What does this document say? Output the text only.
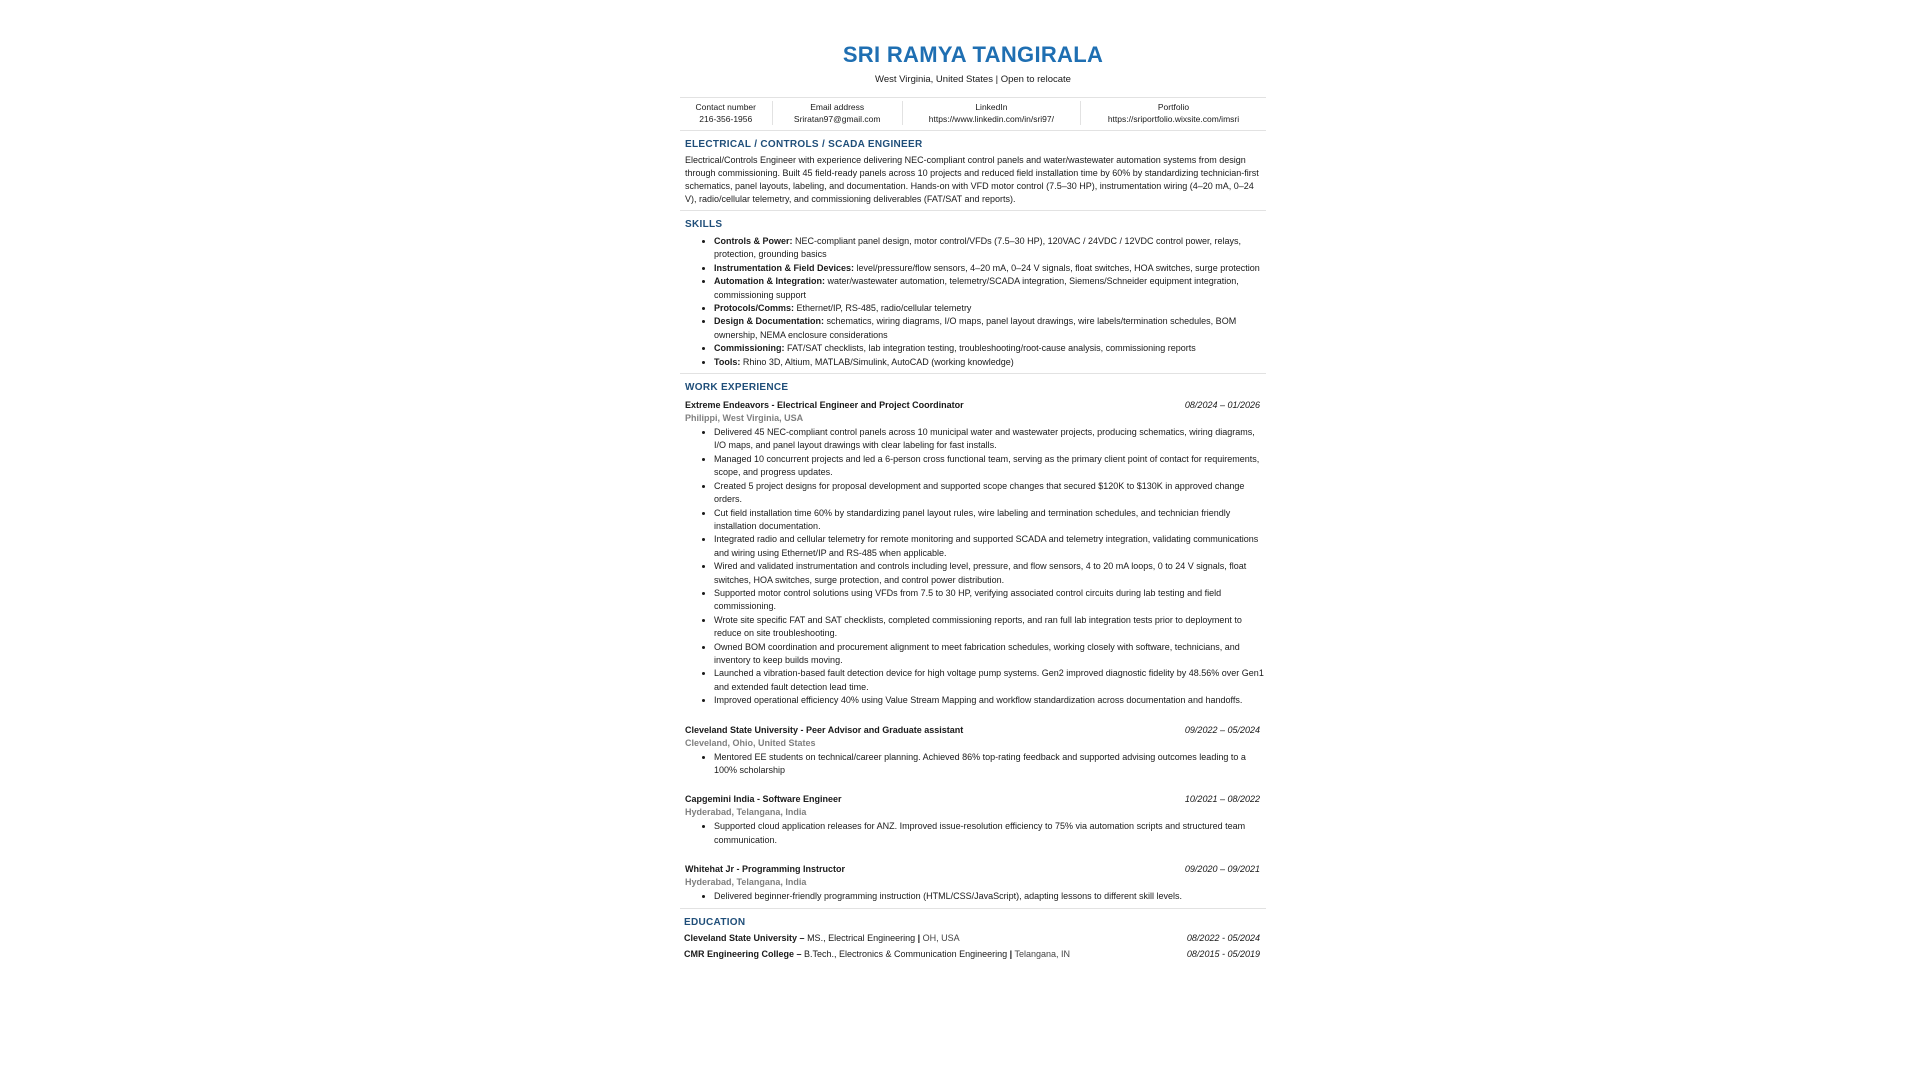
SRI RAMYA TANGIRALA
West Virginia, United States | Open to relocate
Contact number
216-356-1956
Email address
Sriratan97@gmail.com
LinkedIn
https://www.linkedin.com/in/sri97/
Portfolio
https://sriportfolio.wixsite.com/imsri
ELECTRICAL / CONTROLS / SCADA ENGINEER
Electrical/Controls Engineer with experience delivering NEC-compliant control panels and water/wastewater automation systems from design through commissioning. Built 45 field-ready panels across 10 projects and reduced field installation time by 60% by standardizing technician-first schematics, panel layouts, labeling, and documentation. Hands-on with VFD motor control (7.5–30 HP), instrumentation wiring (4–20 mA, 0–24 V), radio/cellular telemetry, and commissioning deliverables (FAT/SAT and reports).
SKILLS
• Controls & Power: NEC-compliant panel design, motor control/VFDs (7.5–30 HP), 120VAC / 24VDC / 12VDC control power, relays, protection, grounding basics
• Instrumentation & Field Devices: level/pressure/flow sensors, 4–20 mA, 0–24 V signals, float switches, HOA switches, surge protection
• Automation & Integration: water/wastewater automation, telemetry/SCADA integration, Siemens/Schneider equipment integration, commissioning support
• Protocols/Comms: Ethernet/IP, RS-485, radio/cellular telemetry
• Design & Documentation: schematics, wiring diagrams, I/O maps, panel layout drawings, wire labels/termination schedules, BOM ownership, NEMA enclosure considerations
• Commissioning: FAT/SAT checklists, lab integration testing, troubleshooting/root-cause analysis, commissioning reports
• Tools: Rhino 3D, Altium, MATLAB/Simulink, AutoCAD (working knowledge)
WORK EXPERIENCE
Extreme Endeavors - Electrical Engineer and Project Coordinator	08/2024 – 01/2026
Philippi, West Virginia, USA
• Delivered 45 NEC-compliant control panels across 10 municipal water and wastewater projects, producing schematics, wiring diagrams, I/O maps, and panel layout drawings with clear labeling for fast installs.
• Managed 10 concurrent projects and led a 6-person cross functional team, serving as the primary client point of contact for requirements, scope, and progress updates.
• Created 5 project designs for proposal development and supported scope changes that secured $120K to $130K in approved change orders.
• Cut field installation time 60% by standardizing panel layout rules, wire labeling and termination schedules, and technician friendly installation documentation.
• Integrated radio and cellular telemetry for remote monitoring and supported SCADA and telemetry integration, validating communications and wiring using Ethernet/IP and RS-485 when applicable.
• Wired and validated instrumentation and controls including level, pressure, and flow sensors, 4 to 20 mA loops, 0 to 24 V signals, float switches, HOA switches, surge protection, and control power distribution.
• Supported motor control solutions using VFDs from 7.5 to 30 HP, verifying associated control circuits during lab testing and field commissioning.
• Wrote site specific FAT and SAT checklists, completed commissioning reports, and ran full lab integration tests prior to deployment to reduce on site troubleshooting.
• Owned BOM coordination and procurement alignment to meet fabrication schedules, working closely with software, technicians, and inventory to keep builds moving.
• Launched a vibration-based fault detection device for high voltage pump systems. Gen2 improved diagnostic fidelity by 48.56% over Gen1 and extended fault detection lead time.
• Improved operational efficiency 40% using Value Stream Mapping and workflow standardization across documentation and handoffs.
Cleveland State University - Peer Advisor and Graduate assistant	09/2022 – 05/2024
Cleveland, Ohio, United States
• Mentored EE students on technical/career planning. Achieved 86% top-rating feedback and supported advising outcomes leading to a 100% scholarship
Capgemini India - Software Engineer	10/2021 – 08/2022
Hyderabad, Telangana, India
• Supported cloud application releases for ANZ. Improved issue-resolution efficiency to 75% via automation scripts and structured team communication.
Whitehat Jr - Programming Instructor	09/2020 – 09/2021
Hyderabad, Telangana, India
• Delivered beginner-friendly programming instruction (HTML/CSS/JavaScript), adapting lessons to different skill levels.
EDUCATION
Cleveland State University – MS., Electrical Engineering | OH, USA	08/2022 - 05/2024
CMR Engineering College – B.Tech., Electronics & Communication Engineering | Telangana, IN	08/2015 - 05/2019
